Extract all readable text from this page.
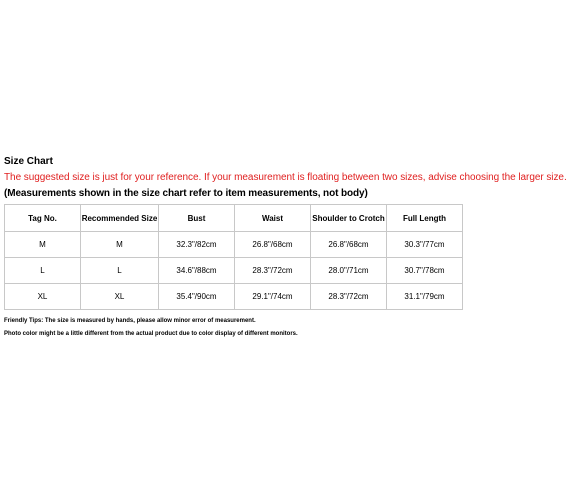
Size Chart
The suggested size is just for your reference. If your measurement is floating between two sizes, advise choosing the larger size.
(Measurements shown in the size chart refer to item measurements, not body)
Tag No.	Recommended Size	Bust	Waist	Shoulder to Crotch	Full Length
M	M	32.3"/82cm	26.8"/68cm	26.8"/68cm	30.3"/77cm
L	L	34.6"/88cm	28.3"/72cm	28.0"/71cm	30.7"/78cm
XL	XL	35.4"/90cm	29.1"/74cm	28.3"/72cm	31.1"/79cm
Friendly Tips: The size is measured by hands, please allow minor error of measurement.
Photo color might be a little different from the actual product due to color display of different monitors.
